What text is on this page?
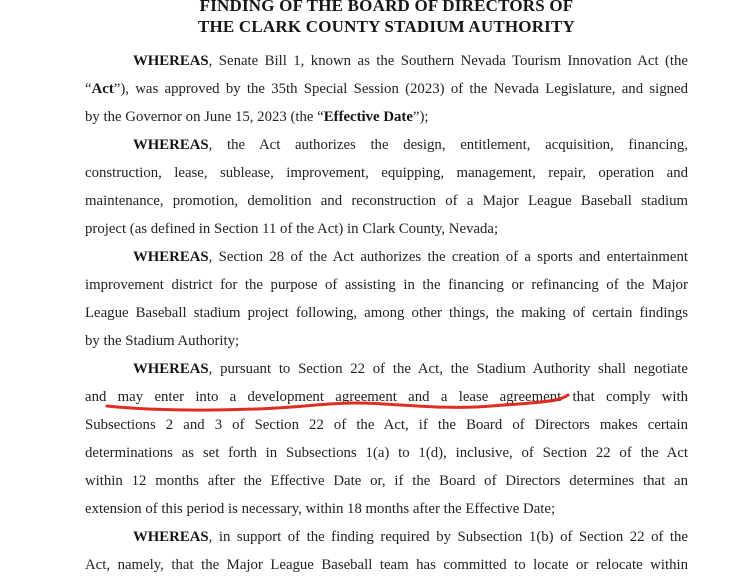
FINDING OF THE BOARD OF DIRECTORS OF
THE CLARK COUNTY STADIUM AUTHORITY
WHEREAS, Senate Bill 1, known as the Southern Nevada Tourism Innovation Act (the
“Act”), was approved by the 35th Special Session (2023) of the Nevada Legislature, and signed
by the Governor on June 15, 2023 (the “Effective Date”);
WHEREAS, the Act authorizes the design, entitlement, acquisition, financing,
construction, lease, sublease, improvement, equipping, management, repair, operation and
maintenance, promotion, demolition and reconstruction of a Major League Baseball stadium
project (as defined in Section 11 of the Act) in Clark County, Nevada;
WHEREAS, Section 28 of the Act authorizes the creation of a sports and entertainment
improvement district for the purpose of assisting in the financing or refinancing of the Major
League Baseball stadium project following, among other things, the making of certain findings
by the Stadium Authority;
WHEREAS, pursuant to Section 22 of the Act, the Stadium Authority shall negotiate
and may enter into a development agreement and a lease agreement that comply with
Subsections 2 and 3 of Section 22 of the Act, if the Board of Directors makes certain
determinations as set forth in Subsections 1(a) to 1(d), inclusive, of Section 22 of the Act
within 12 months after the Effective Date or, if the Board of Directors determines that an
extension of this period is necessary, within 18 months after the Effective Date;
WHEREAS, in support of the finding required by Subsection 1(b) of Section 22 of the
Act, namely, that the Major League Baseball team has committed to locate or relocate within
